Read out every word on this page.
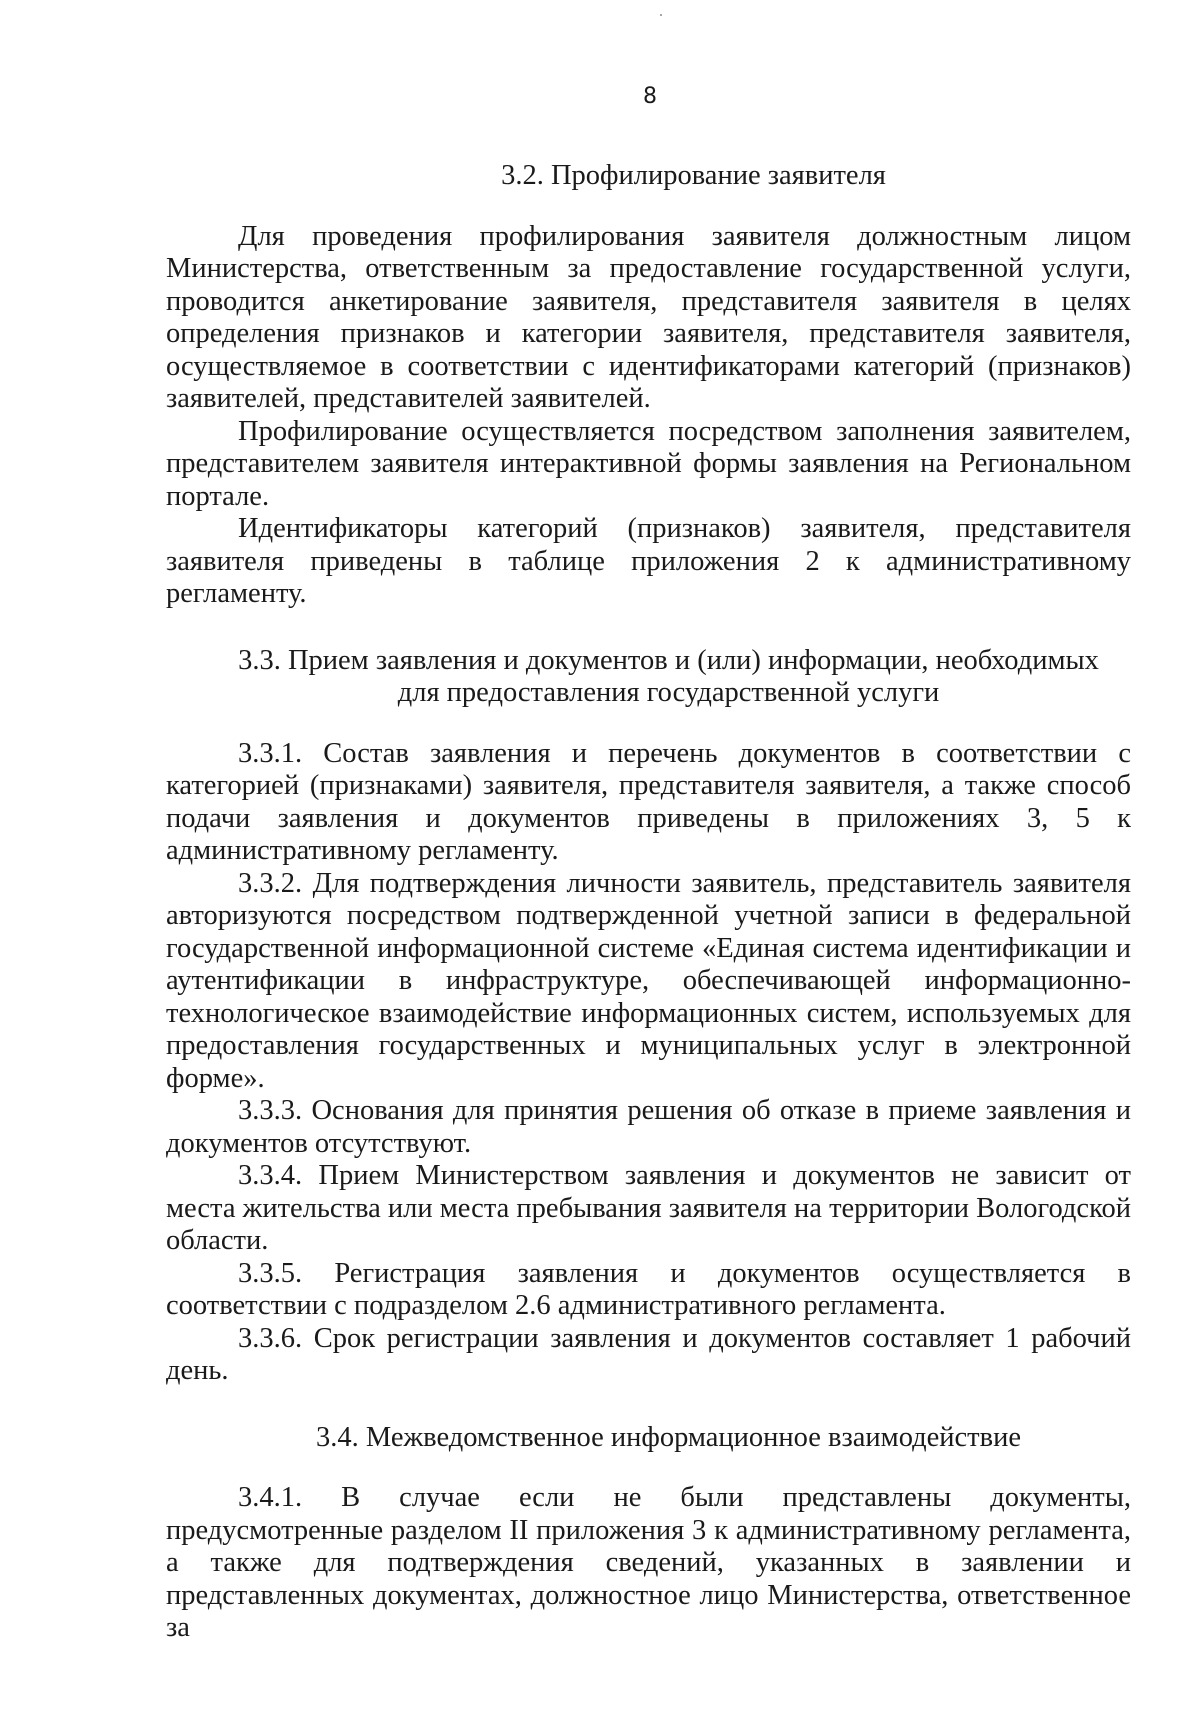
8

3.2. Профилирование заявителя

Для проведения профилирования заявителя должностным лицом Министерства, ответственным за предоставление государственной услуги, проводится анкетирование заявителя, представителя заявителя в целях определения признаков и категории заявителя, представителя заявителя, осуществляемое в соответствии с идентификаторами категорий (признаков) заявителей, представителей заявителей.

Профилирование осуществляется посредством заполнения заявителем, представителем заявителя интерактивной формы заявления на Региональном портале.

Идентификаторы категорий (признаков) заявителя, представителя заявителя приведены в таблице приложения 2 к административному регламенту.

3.3. Прием заявления и документов и (или) информации, необходимых

для предоставления государственной услуги

3.3.1. Состав заявления и перечень документов в соответствии с категорией (признаками) заявителя, представителя заявителя, а также способ подачи заявления и документов приведены в приложениях 3, 5 к административному регламенту.

3.3.2. Для подтверждения личности заявитель, представитель заявителя авторизуются посредством подтвержденной учетной записи в федеральной государственной информационной системе «Единая система идентификации и аутентификации в инфраструктуре, обеспечивающей информационно-технологическое взаимодействие информационных систем, используемых для предоставления государственных и муниципальных услуг в электронной форме».

3.3.3. Основания для принятия решения об отказе в приеме заявления и документов отсутствуют.

3.3.4. Прием Министерством заявления и документов не зависит от места жительства или места пребывания заявителя на территории Вологодской области.

3.3.5. Регистрация заявления и документов осуществляется в соответствии с подразделом 2.6 административного регламента.

3.3.6. Срок регистрации заявления и документов составляет 1 рабочий день.

3.4. Межведомственное информационное взаимодействие

3.4.1. В случае если не были представлены документы, предусмотренные разделом II приложения 3 к административному регламента, а также для подтверждения сведений, указанных в заявлении и представленных документах, должностное лицо Министерства, ответственное за
